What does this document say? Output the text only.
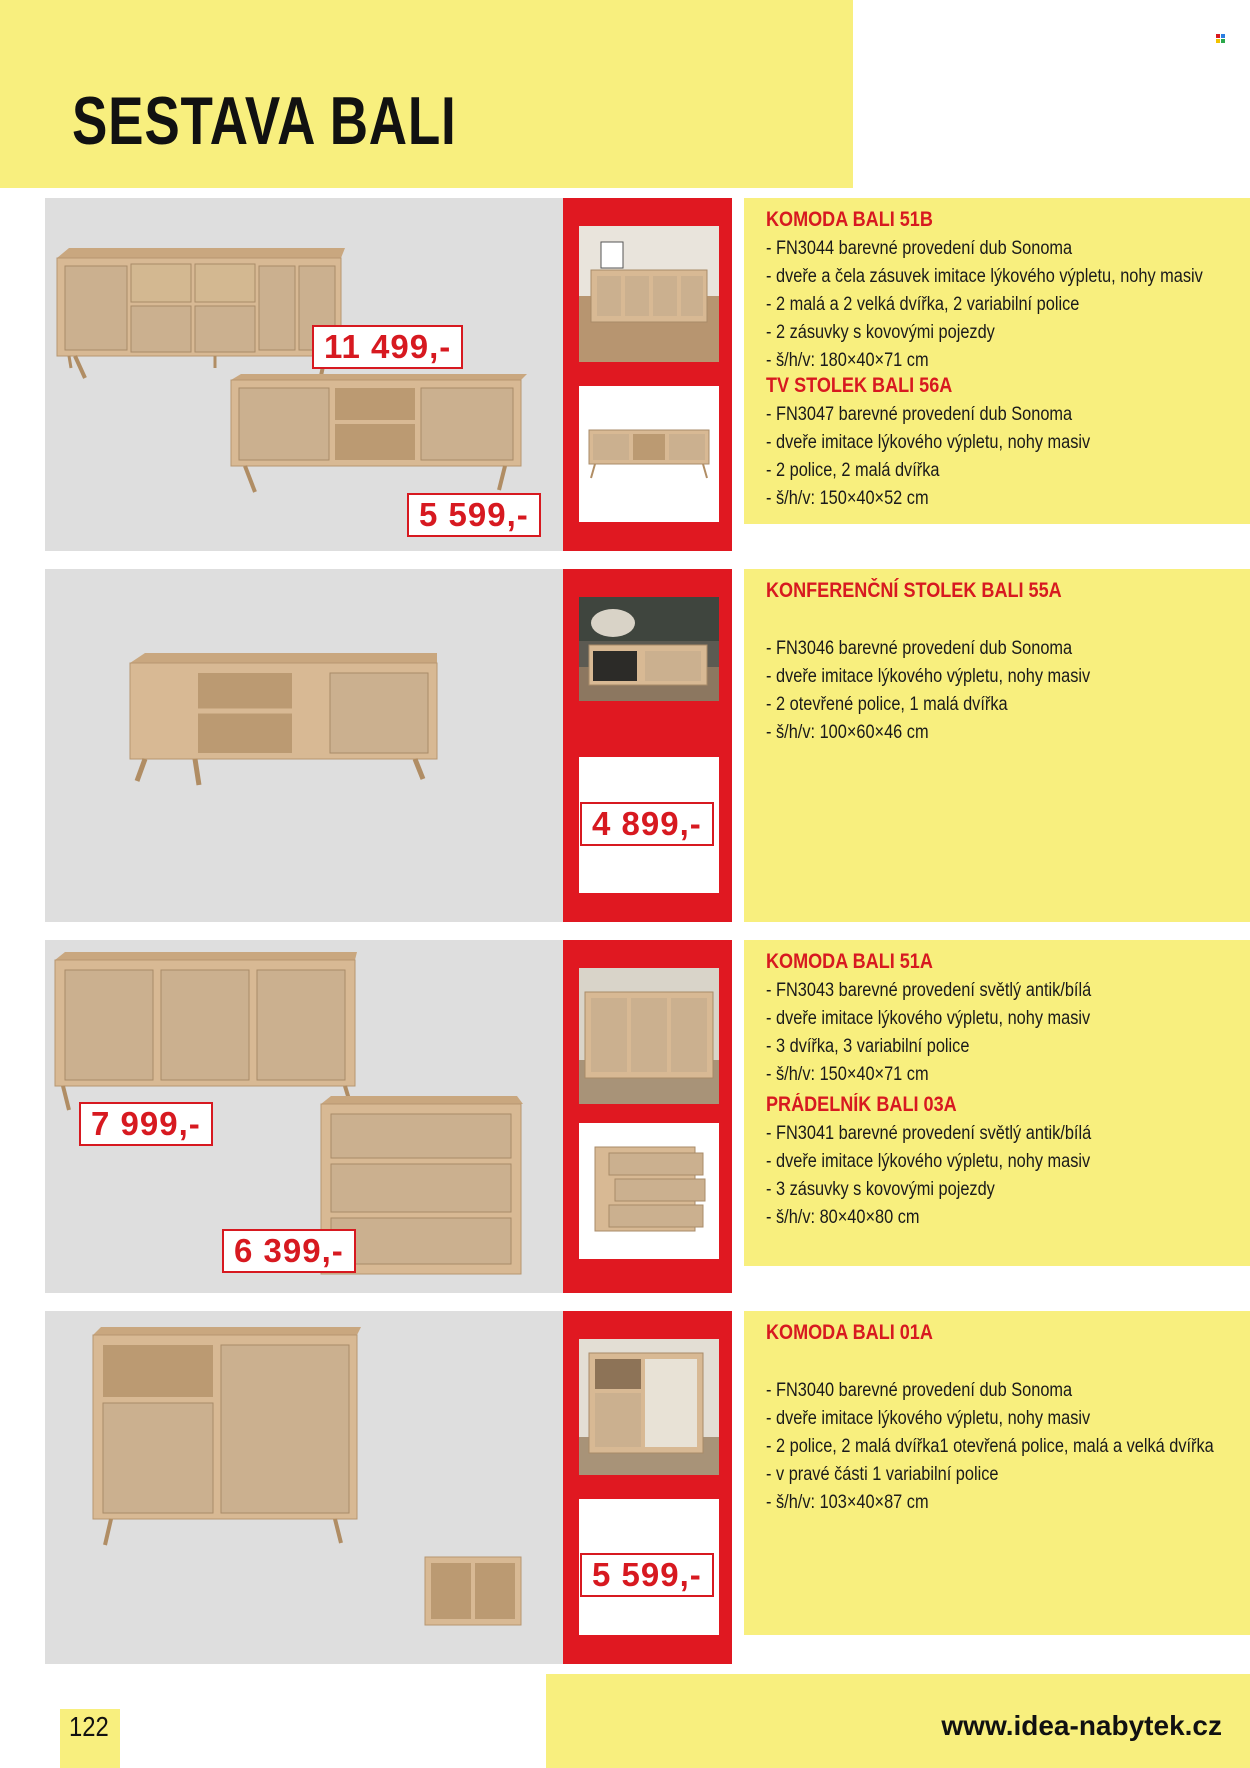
SESTAVA BALI
KOMODA BALI 51B
- FN3044 barevné provedení dub Sonoma
- dveře a čela zásuvek imitace lýkového výpletu, nohy masiv
- 2 malá a 2 velká dvířka, 2 variabilní police
- 2 zásuvky s kovovými pojezdy
- š/h/v: 180×40×71 cm
TV STOLEK BALI 56A
- FN3047 barevné provedení dub Sonoma
- dveře imitace lýkového výpletu, nohy masiv
- 2 police, 2 malá dvířka
- š/h/v: 150×40×52 cm
11 499,-
5 599,-
KONFERENČNÍ STOLEK BALI 55A
- FN3046 barevné provedení dub Sonoma
- dveře imitace lýkového výpletu, nohy masiv
- 2 otevřené police, 1 malá dvířka
- š/h/v: 100×60×46 cm
4 899,-
KOMODA BALI 51A
- FN3043 barevné provedení světlý antik/bílá
- dveře imitace lýkového výpletu, nohy masiv
- 3 dvířka, 3 variabilní police
- š/h/v: 150×40×71 cm
PRÁDELNÍK BALI 03A
- FN3041 barevné provedení světlý antik/bílá
- dveře imitace lýkového výpletu, nohy masiv
- 3 zásuvky s kovovými pojezdy
- š/h/v: 80×40×80 cm
7 999,-
6 399,-
KOMODA BALI 01A
- FN3040 barevné provedení dub Sonoma
- dveře imitace lýkového výpletu, nohy masiv
- 2 police, 2 malá dvířka1 otevřená police, malá a velká dvířka
- v pravé části 1 variabilní police
- š/h/v: 103×40×87 cm
5 599,-
122	www.idea-nabytek.cz
